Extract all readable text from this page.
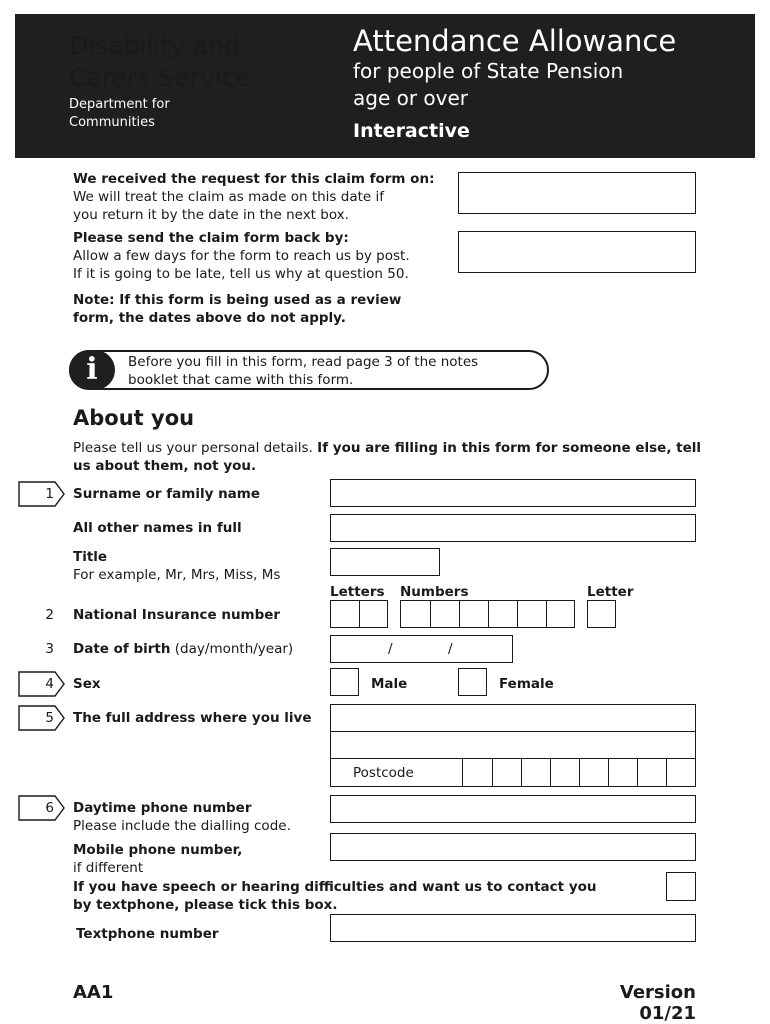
Disability and
Carers Service
Department for
Communities
Attendance Allowance
for people of State Pension
age or over
Interactive
We received the request for this claim form on:
We will treat the claim as made on this date if
you return it by the date in the next box.
Please send the claim form back by:
Allow a few days for the form to reach us by post.
If it is going to be late, tell us why at question 50.
Note: If this form is being used as a review
form, the dates above do not apply.
i	Before you fill in this form, read page 3 of the notes
booklet that came with this form.
About you
Please tell us your personal details. If you are filling in this form for someone else, tell
us about them, not you.
1 Surname or family name
All other names in full
Title
For example, Mr, Mrs, Miss, Ms
Letters Numbers	Letter
2 National Insurance number
3 Date of birth (day/month/year)	/	/
4 Sex	Male	Female
5 The full address where you live
Postcode
6 Daytime phone number
Please include the dialling code.
Mobile phone number,
if different
If you have speech or hearing difficulties and want us to contact you
by textphone, please tick this box.
Textphone number
AA1	Version 01/21
